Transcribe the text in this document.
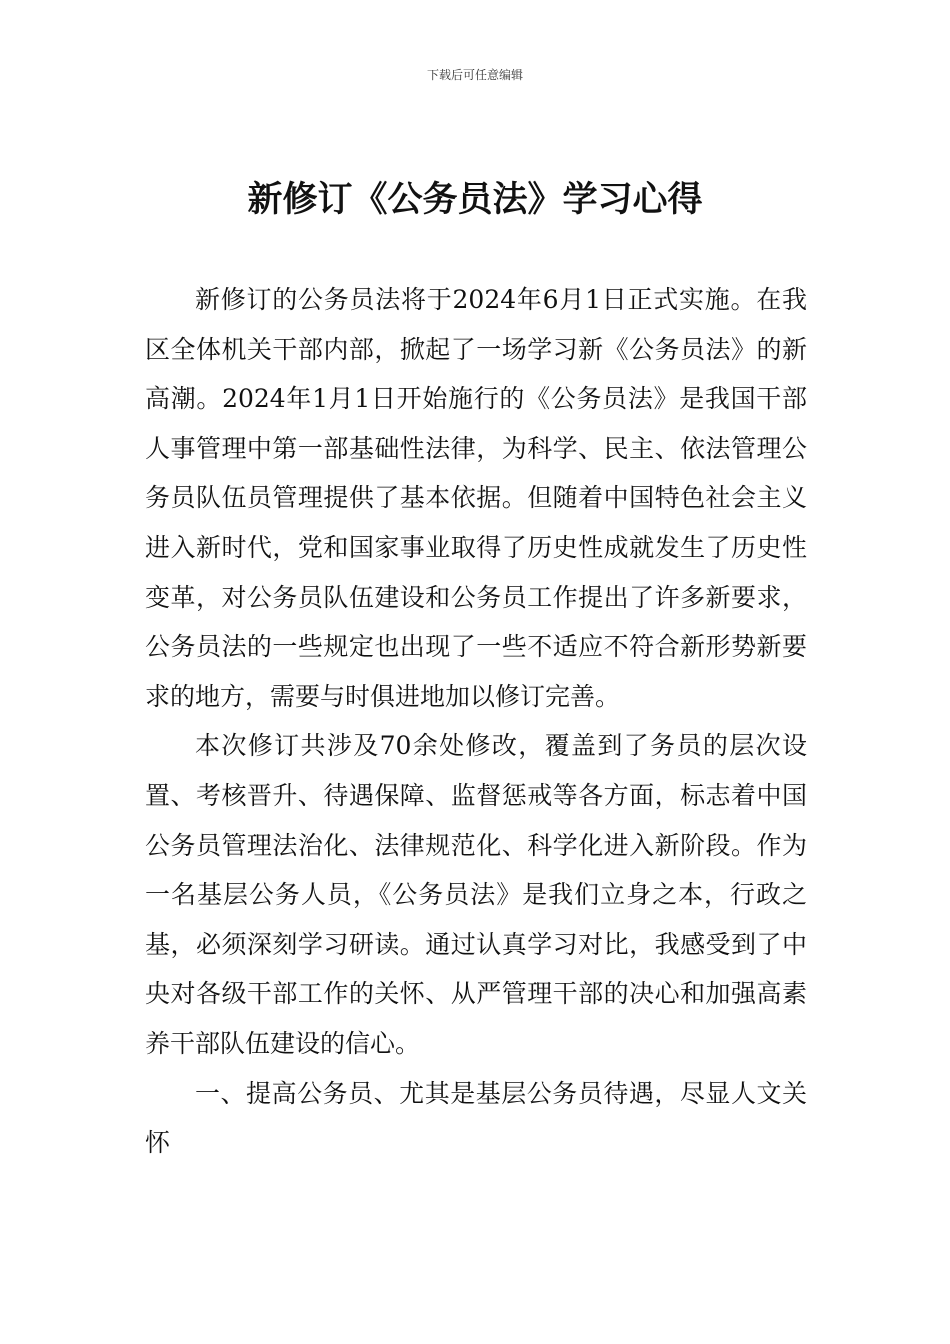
下载后可任意编辑
新修订《公务员法》学习心得

新修订的公务员法将于2024年6月1日正式实施。在我区全体机关干部内部，掀起了一场学习新《公务员法》的新高潮。2024年1月1日开始施行的《公务员法》是我国干部人事管理中第一部基础性法律，为科学、民主、依法管理公务员队伍员管理提供了基本依据。但随着中国特色社会主义进入新时代，党和国家事业取得了历史性成就发生了历史性变革，对公务员队伍建设和公务员工作提出了许多新要求，公务员法的一些规定也出现了一些不适应不符合新形势新要求的地方，需要与时俱进地加以修订完善。

本次修订共涉及70余处修改，覆盖到了务员的层次设置、考核晋升、待遇保障、监督惩戒等各方面，标志着中国公务员管理法治化、法律规范化、科学化进入新阶段。作为一名基层公务人员，《公务员法》是我们立身之本，行政之基，必须深刻学习研读。通过认真学习对比，我感受到了中央对各级干部工作的关怀、从严管理干部的决心和加强高素养干部队伍建设的信心。

一、提高公务员、尤其是基层公务员待遇，尽显人文关怀
